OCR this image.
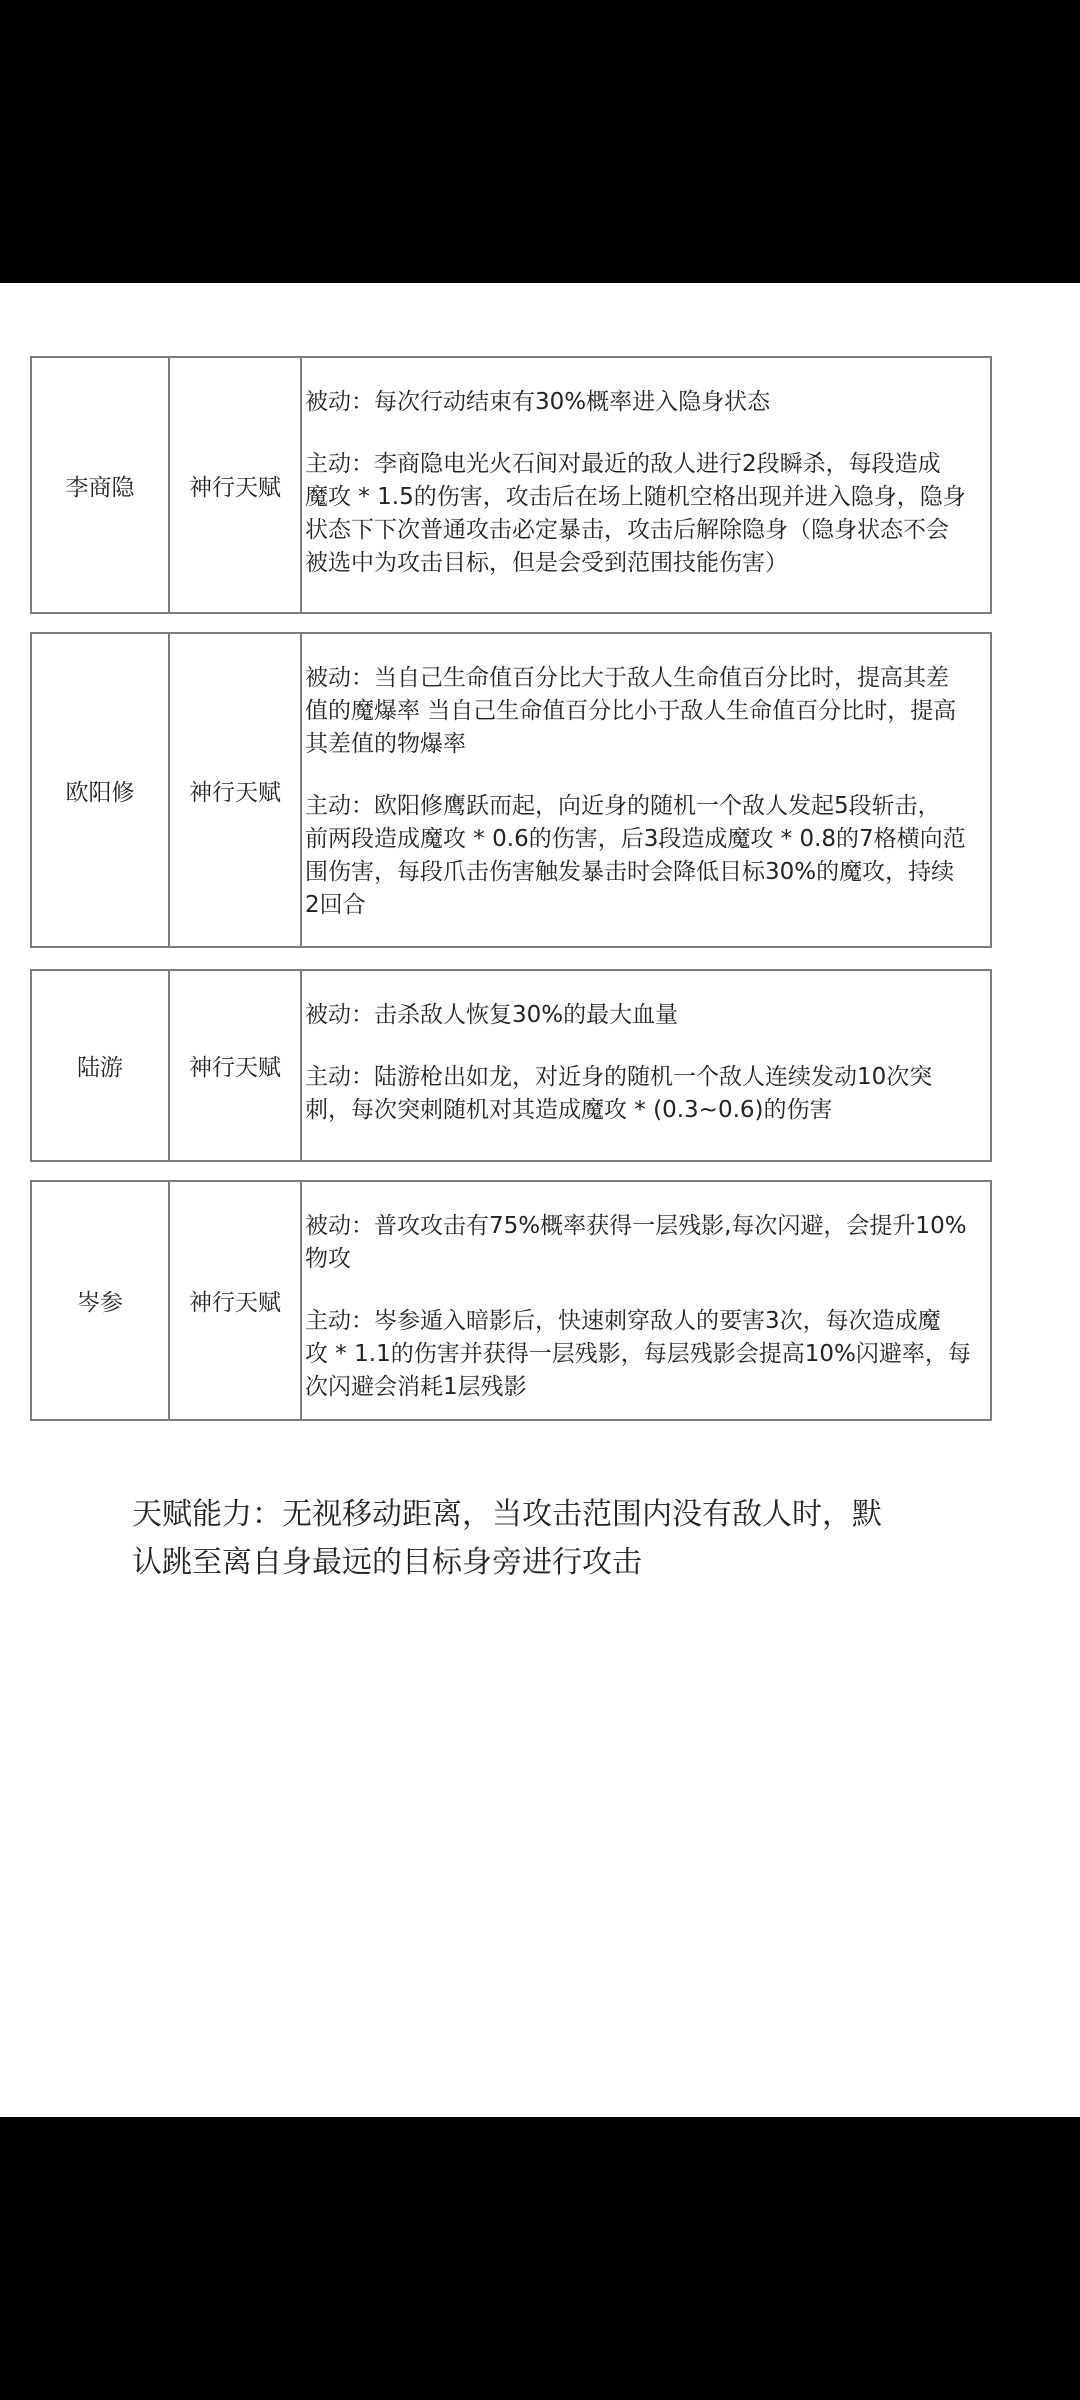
李商隐	神行天赋
被动：每次行动结束有30%概率进入隐身状态
主动：李商隐电光火石间对最近的敌人进行2段瞬杀，每段造成
魔攻 * 1.5的伤害，攻击后在场上随机空格出现并进入隐身，隐身
状态下下次普通攻击必定暴击，攻击后解除隐身（隐身状态不会
被选中为攻击目标，但是会受到范围技能伤害）
欧阳修	神行天赋
被动：当自己生命值百分比大于敌人生命值百分比时，提高其差
值的魔爆率 当自己生命值百分比小于敌人生命值百分比时，提高
其差值的物爆率
主动：欧阳修鹰跃而起，向近身的随机一个敌人发起5段斩击，
前两段造成魔攻 * 0.6的伤害，后3段造成魔攻 * 0.8的7格横向范
围伤害，每段爪击伤害触发暴击时会降低目标30%的魔攻，持续
2回合
陆游	神行天赋
被动：击杀敌人恢复30%的最大血量
主动：陆游枪出如龙，对近身的随机一个敌人连续发动10次突
刺，每次突刺随机对其造成魔攻 * (0.3~0.6)的伤害
岑参	神行天赋
被动：普攻攻击有75%概率获得一层残影,每次闪避，会提升10%
物攻
主动：岑参遁入暗影后，快速刺穿敌人的要害3次，每次造成魔
攻 * 1.1的伤害并获得一层残影，每层残影会提高10%闪避率，每
次闪避会消耗1层残影
天赋能力：无视移动距离，当攻击范围内没有敌人时，默
认跳至离自身最远的目标身旁进行攻击
